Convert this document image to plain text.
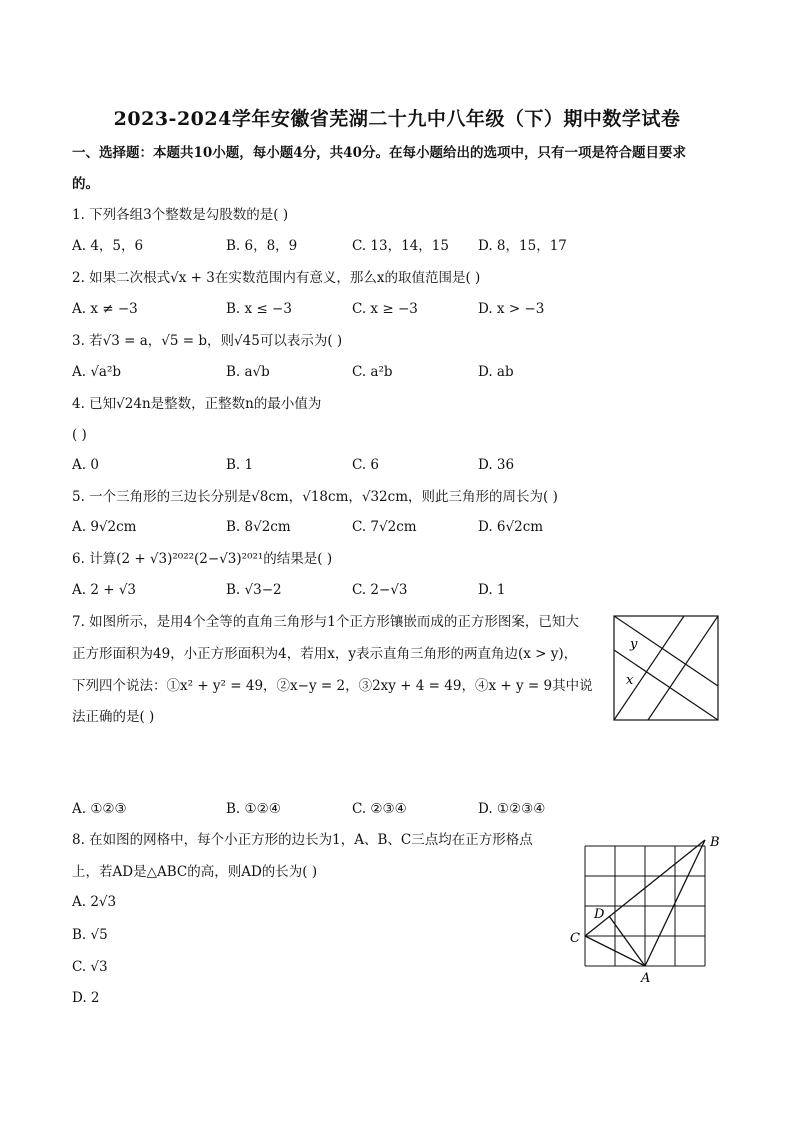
2023-2024学年安徽省芜湖二十九中八年级（下）期中数学试卷
一、选择题：本题共10小题，每小题4分，共40分。在每小题给出的选项中，只有一项是符合题目要求
的。
1. 下列各组3个整数是勾股数的是( )
A. 4，5，6	B. 6，8，9	C. 13，14，15 D. 8，15，17
2. 如果二次根式√x + 3在实数范围内有意义，那么x的取值范围是( )
A. x ≠ −3	B. x ≤ −3	C. x ≥ −3	D. x > −3
3. 若√3 = a，√5 = b，则√45可以表示为( )
A. √a²b	B. a√b	C. a²b	D. ab
4. 已知√24n是整数，正整数n的最小值为
( )
A. 0	B. 1	C. 6	D. 36
5. 一个三角形的三边长分别是√8cm，√18cm，√32cm，则此三角形的周长为( )
A. 9√2cm	B. 8√2cm	C. 7√2cm	D. 6√2cm
6. 计算(2 + √3)²⁰²²(2−√3)²⁰²¹的结果是( )
A. 2 + √3	B. √3−2	C. 2−√3	D. 1
7. 如图所示，是用4个全等的直角三角形与1个正方形镶嵌而成的正方形图案，已知大
正方形面积为49，小正方形面积为4，若用x，y表示直角三角形的两直角边(x > y)，
下列四个说法：①x² + y² = 49，②x−y = 2，③2xy + 4 = 49，④x + y = 9其中说
法正确的是( )
y
x
A. ①②③	B. ①②④	C. ②③④	D. ①②③④
8. 在如图的网格中，每个小正方形的边长为1，A、B、C三点均在正方形格点
上，若AD是△ABC的高，则AD的长为( )
A. 2√3
B. √5
C. √3
D. 2
C
B
A
D
